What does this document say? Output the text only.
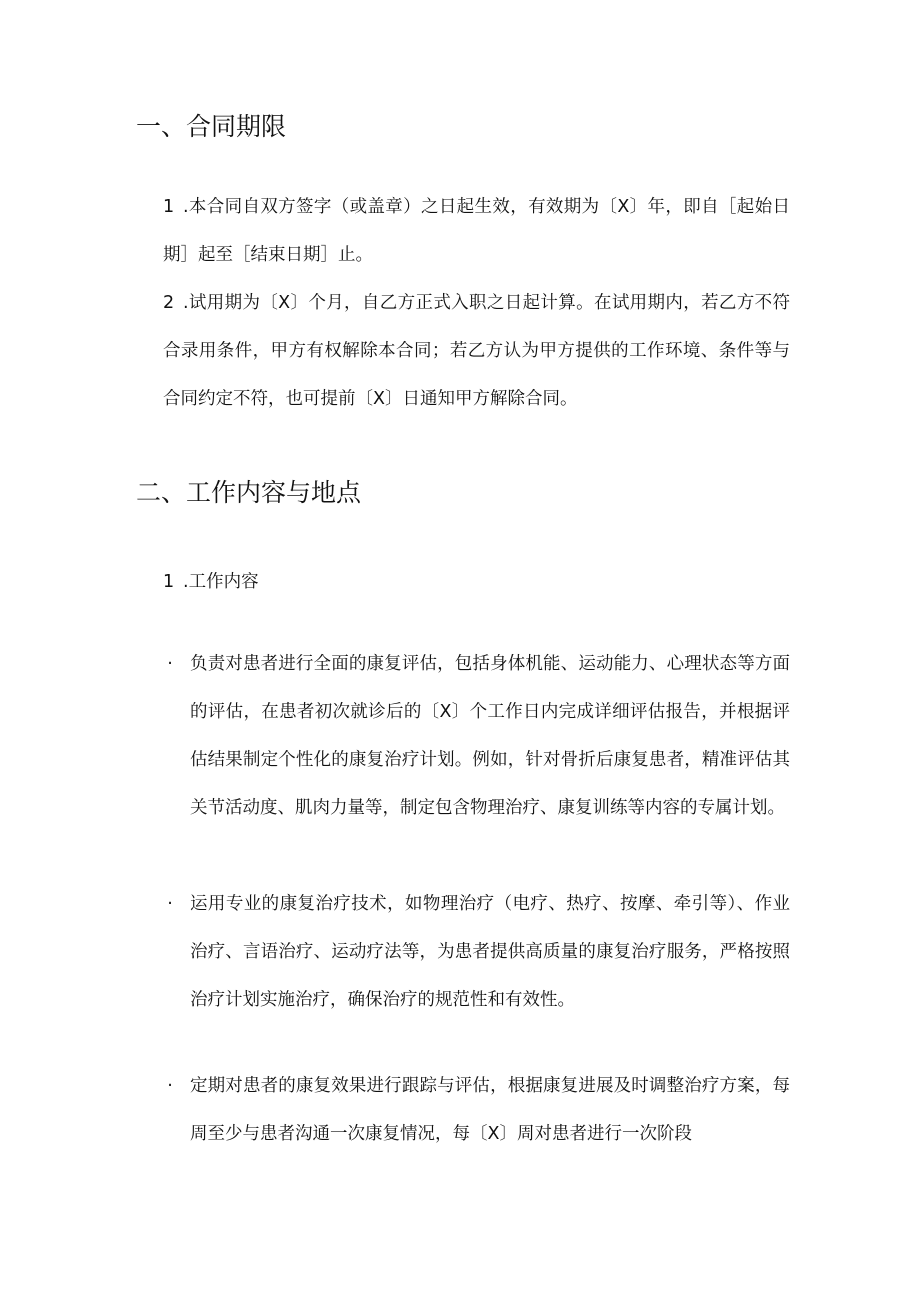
一、合同期限
1 .本合同自双方签字（或盖章）之日起生效，有效期为〔X〕年，即自［起始日期］起至［结束日期］止。
2 .试用期为〔X〕个月，自乙方正式入职之日起计算。在试用期内，若乙方不符合录用条件，甲方有权解除本合同；若乙方认为甲方提供的工作环境、条件等与合同约定不符，也可提前〔X〕日通知甲方解除合同。
二、工作内容与地点
1 .工作内容
· 负责对患者进行全面的康复评估，包括身体机能、运动能力、心理状态等方面的评估，在患者初次就诊后的〔X〕个工作日内完成详细评估报告，并根据评估结果制定个性化的康复治疗计划。例如，针对骨折后康复患者，精准评估其关节活动度、肌肉力量等，制定包含物理治疗、康复训练等内容的专属计划。
· 运用专业的康复治疗技术，如物理治疗（电疗、热疗、按摩、牵引等）、作业治疗、言语治疗、运动疗法等，为患者提供高质量的康复治疗服务，严格按照治疗计划实施治疗，确保治疗的规范性和有效性。
· 定期对患者的康复效果进行跟踪与评估，根据康复进展及时调整治疗方案，每周至少与患者沟通一次康复情况，每〔X〕周对患者进行一次阶段
